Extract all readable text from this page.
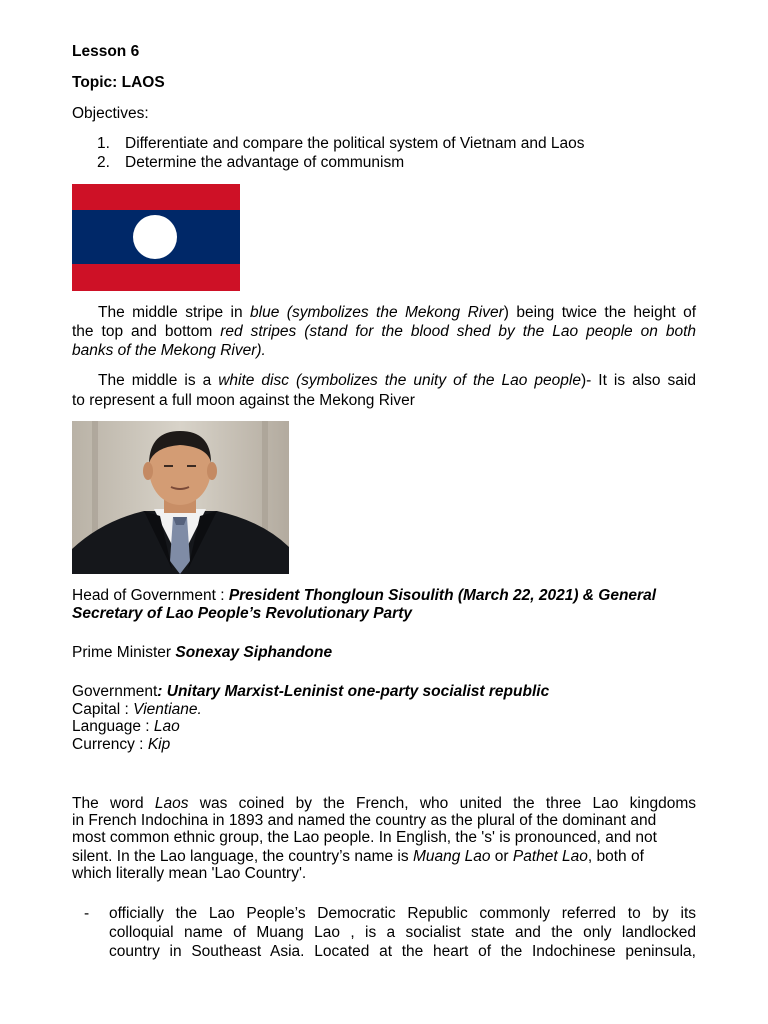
Lesson 6
Topic: LAOS
Objectives:
1. Differentiate and compare the political system of Vietnam and Laos
2. Determine the advantage of communism
The middle stripe in blue (symbolizes the Mekong River) being twice the height of
the top and bottom red stripes (stand for the blood shed by the Lao people on both
banks of the Mekong River).
The middle is a white disc (symbolizes the unity of the Lao people)- It is also said
to represent a full moon against the Mekong River
Head of Government : President Thongloun Sisoulith (March 22, 2021) & General
Secretary of Lao People’s Revolutionary Party
Prime Minister Sonexay Siphandone
Government: Unitary Marxist-Leninist one-party socialist republic
Capital : Vientiane.
Language : Lao
Currency : Kip
The word Laos was coined by the French, who united the three Lao kingdoms
in French Indochina in 1893 and named the country as the plural of the dominant and
most common ethnic group, the Lao people. In English, the 's' is pronounced, and not
silent. In the Lao language, the country’s name is Muang Lao or Pathet Lao, both of
which literally mean 'Lao Country'.
- officially the Lao People’s Democratic Republic commonly referred to by its
colloquial name of Muang Lao , is a socialist state and the only landlocked
country in Southeast Asia. Located at the heart of the Indochinese peninsula,
